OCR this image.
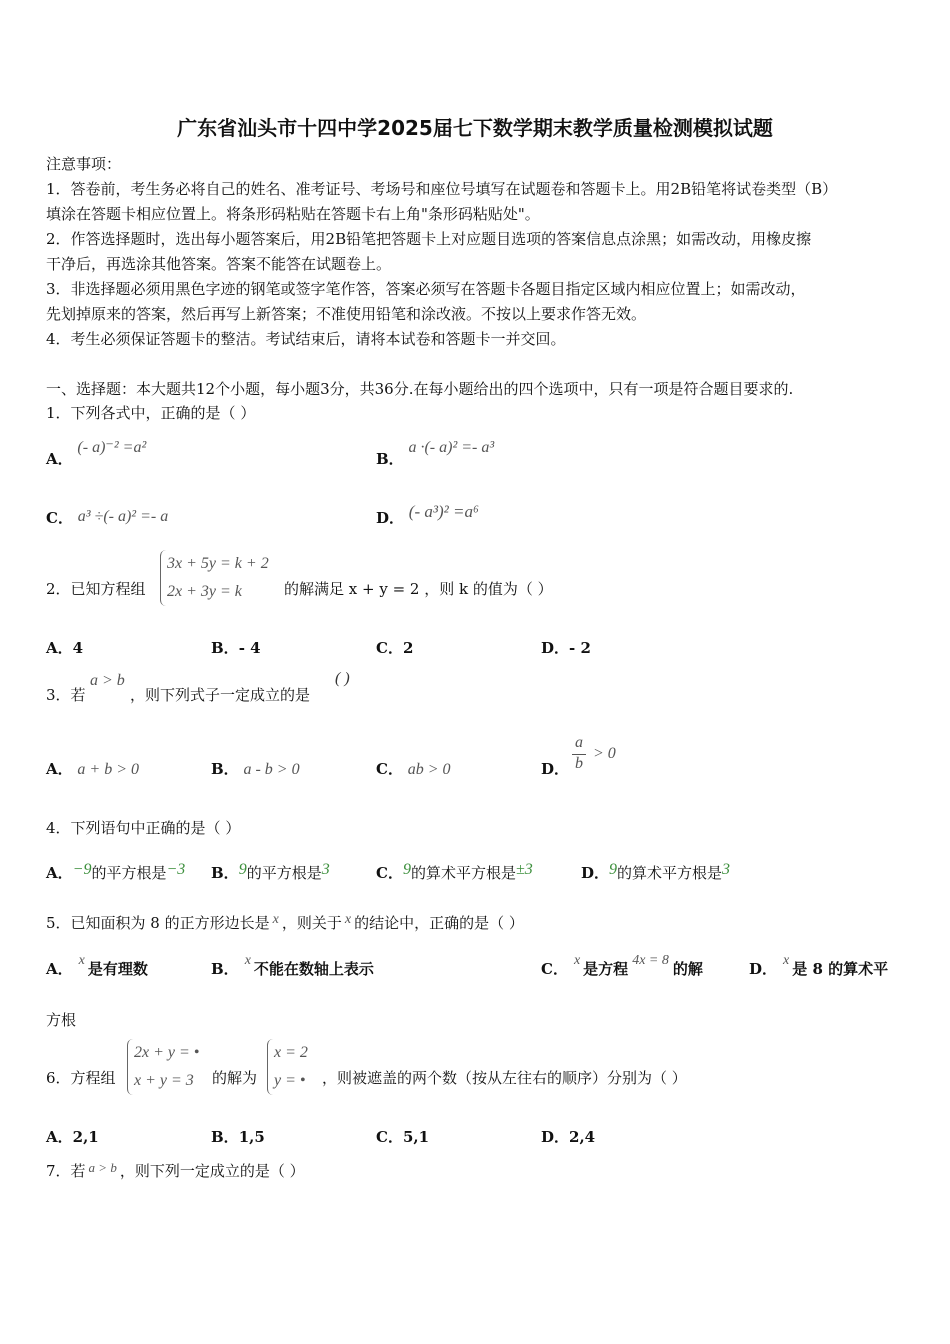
广东省汕头市十四中学2025届七下数学期末教学质量检测模拟试题
注意事项：
1．答卷前，考生务必将自己的姓名、准考证号、考场号和座位号填写在试题卷和答题卡上。用2B铅笔将试卷类型（B）
填涂在答题卡相应位置上。将条形码粘贴在答题卡右上角"条形码粘贴处"。
2．作答选择题时，选出每小题答案后，用2B铅笔把答题卡上对应题目选项的答案信息点涂黑；如需改动，用橡皮擦
干净后，再选涂其他答案。答案不能答在试题卷上。
3．非选择题必须用黑色字迹的钢笔或签字笔作答，答案必须写在答题卡各题目指定区域内相应位置上；如需改动，
先划掉原来的答案，然后再写上新答案；不准使用铅笔和涂改液。不按以上要求作答无效。
4．考生必须保证答题卡的整洁。考试结束后，请将本试卷和答题卡一并交回。
一、选择题：本大题共12个小题，每小题3分，共36分.在每小题给出的四个选项中，只有一项是符合题目要求的.
1．下列各式中，正确的是（ ）
A． (- a)⁻² =a²
B． a ·(- a)² =- a³
C． a³ ÷(- a)² =- a	D． (- a³)² =a⁶
2．已知方程组
3x + 5y = k + 2
2x + 3y = k	的解满足 x + y = 2 ，则 k 的值为（ ）
A．4	B．- 4	C．2	D．- 2
3．若
a > b
，则下列式子一定成立的是
( )
A． a + b > 0	B． a - b > 0	C． ab > 0	D．
a
b
> 0
4．下列语句中正确的是（ ）
A．−9的平方根是−3 B．9的平方根是3	C．9的算术平方根是±3	D．9的算术平方根是3
5．已知面积为 8 的正方形边长是 x ，则关于 x 的结论中，正确的是（ ）
A． x 是有理数	B． x 不能在数轴上表示	C． x 是方程 4x = 8 的解	D． x 是 8 的算术平
方根
6．方程组
2x + y = •
x + y = 3	的解为
x = 2
y = • ，则被遮盖的两个数（按从左往右的顺序）分别为（ ）
A．2,1	B．1,5	C．5,1	D．2,4
7．若 a > b ，则下列一定成立的是（ ）
